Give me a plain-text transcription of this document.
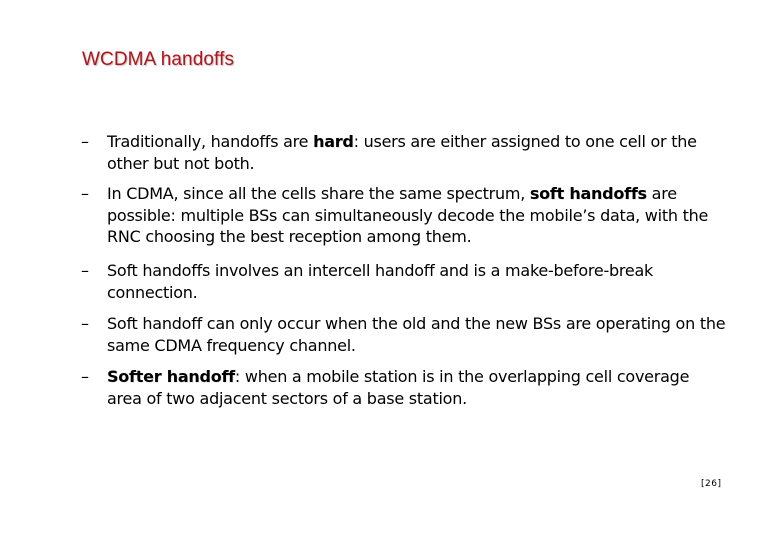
WCDMA handoffs
– Traditionally, handoffs are hard: users are either assigned to one cell or the other but not both.
– In CDMA, since all the cells share the same spectrum, soft handoffs are possible: multiple BSs can simultaneously decode the mobile’s data, with the RNC choosing the best reception among them.
– Soft handoffs involves an intercell handoff and is a make-before-break connection.
– Soft handoff can only occur when the old and the new BSs are operating on the same CDMA frequency channel.
– Softer handoff: when a mobile station is in the overlapping cell coverage area of two adjacent sectors of a base station.
[26]
